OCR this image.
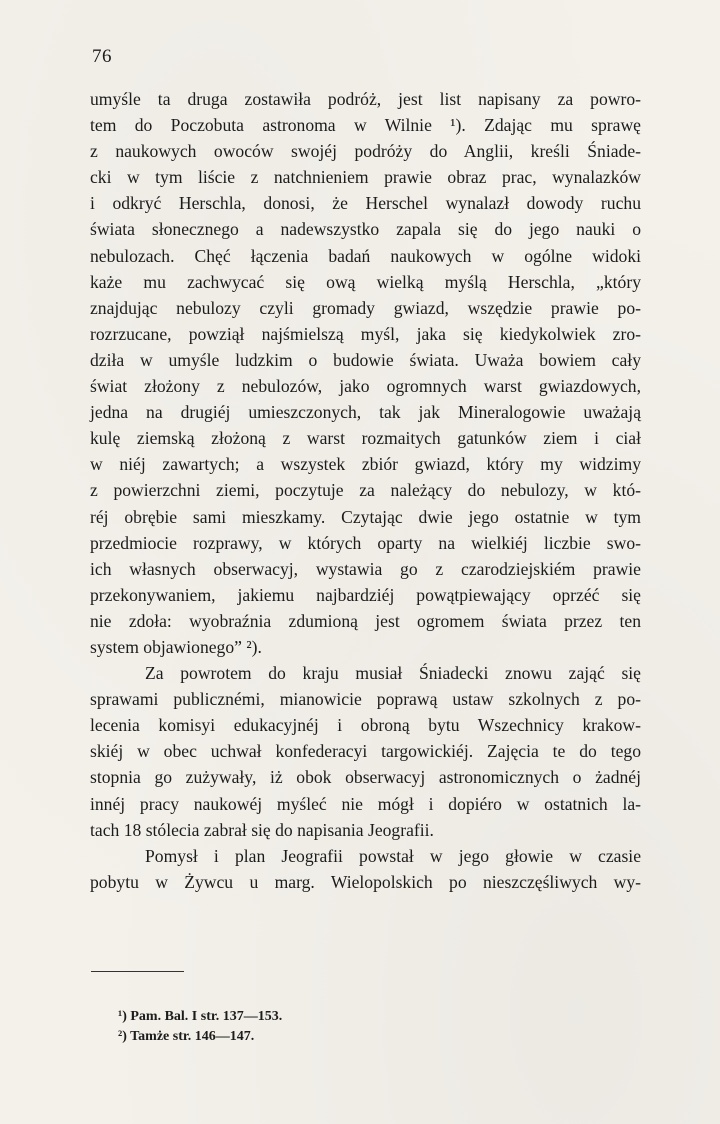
76
umyśle ta druga zostawiła podróż, jest list napisany za powro-
tem do Poczobuta astronoma w Wilnie ¹). Zdając mu sprawę
z naukowych owoców swojéj podróży do Anglii, kreśli Śniade-
cki w tym liście z natchnieniem prawie obraz prac, wynalazków
i odkryć Herschla, donosi, że Herschel wynalazł dowody ruchu
świata słonecznego a nadewszystko zapala się do jego nauki o
nebulozach. Chęć łączenia badań naukowych w ogólne widoki
każe mu zachwycać się ową wielką myślą Herschla, „który
znajdując nebulozy czyli gromady gwiazd, wszędzie prawie po-
rozrzucane, powziął najśmielszą myśl, jaka się kiedykolwiek zro-
dziła w umyśle ludzkim o budowie świata. Uważa bowiem cały
świat złożony z nebulozów, jako ogromnych warst gwiazdowych,
jedna na drugiéj umieszczonych, tak jak Mineralogowie uważają
kulę ziemską złożoną z warst rozmaitych gatunków ziem i ciał
w niéj zawartych; a wszystek zbiór gwiazd, który my widzimy
z powierzchni ziemi, poczytuje za należący do nebulozy, w któ-
réj obrębie sami mieszkamy. Czytając dwie jego ostatnie w tym
przedmiocie rozprawy, w których oparty na wielkiéj liczbie swo-
ich własnych obserwacyj, wystawia go z czarodziejskiém prawie
przekonywaniem, jakiemu najbardziéj powątpiewający oprzéć się
nie zdoła: wyobraźnia zdumioną jest ogromem świata przez ten
system objawionego” ²).
Za powrotem do kraju musiał Śniadecki znowu zająć się
sprawami publicznémi, mianowicie poprawą ustaw szkolnych z po-
lecenia komisyi edukacyjnéj i obroną bytu Wszechnicy krakow-
skiéj w obec uchwał konfederacyi targowickiéj. Zajęcia te do tego
stopnia go zużywały, iż obok obserwacyj astronomicznych o żadnéj
innéj pracy naukowéj myśleć nie mógł i dopiéro w ostatnich la-
tach 18 stólecia zabrał się do napisania Jeografii.
Pomysł i plan Jeografii powstał w jego głowie w czasie
pobytu w Żywcu u marg. Wielopolskich po nieszczęśliwych wy-
¹) Pam. Bal. I str. 137—153.
²) Tamże str. 146—147.
